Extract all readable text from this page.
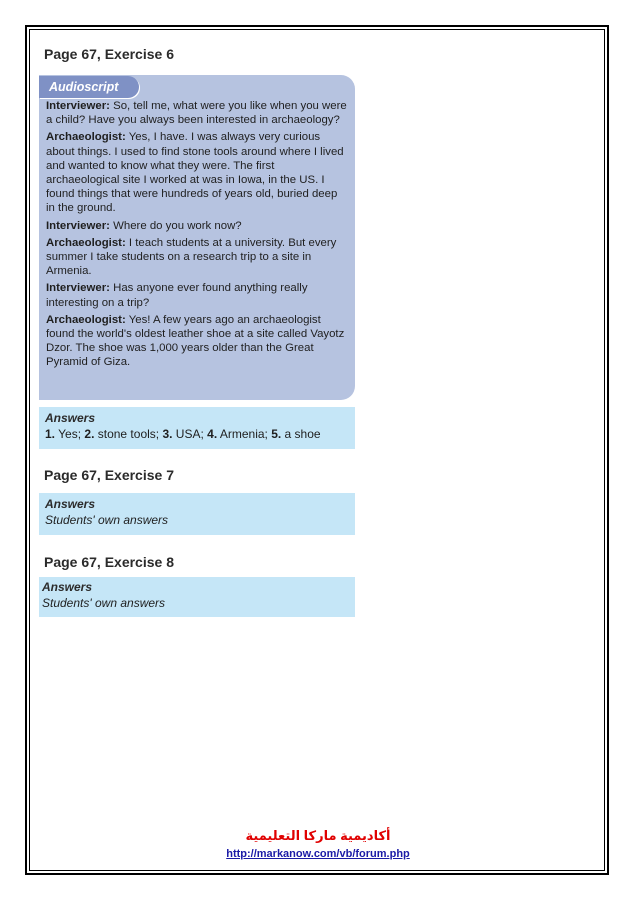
Page 67, Exercise 6
Interviewer: So, tell me, what were you like when you were a child? Have you always been interested in archaeology?
Archaeologist: Yes, I have. I was always very curious about things. I used to find stone tools around where I lived and wanted to know what they were. The first archaeological site I worked at was in Iowa, in the US. I found things that were hundreds of years old, buried deep in the ground.
Interviewer: Where do you work now?
Archaeologist: I teach students at a university. But every summer I take students on a research trip to a site in Armenia.
Interviewer: Has anyone ever found anything really interesting on a trip?
Archaeologist: Yes! A few years ago an archaeologist found the world's oldest leather shoe at a site called Vayotz Dzor. The shoe was 1,000 years older than the Great Pyramid of Giza.
Audioscript
Answers
1. Yes; 2. stone tools; 3. USA; 4. Armenia; 5. a shoe
Page 67, Exercise 7
Answers
Students' own answers
Page 67, Exercise 8
Answers
Students' own answers
أكاديمية ماركا التعليمية
http://markanow.com/vb/forum.php
